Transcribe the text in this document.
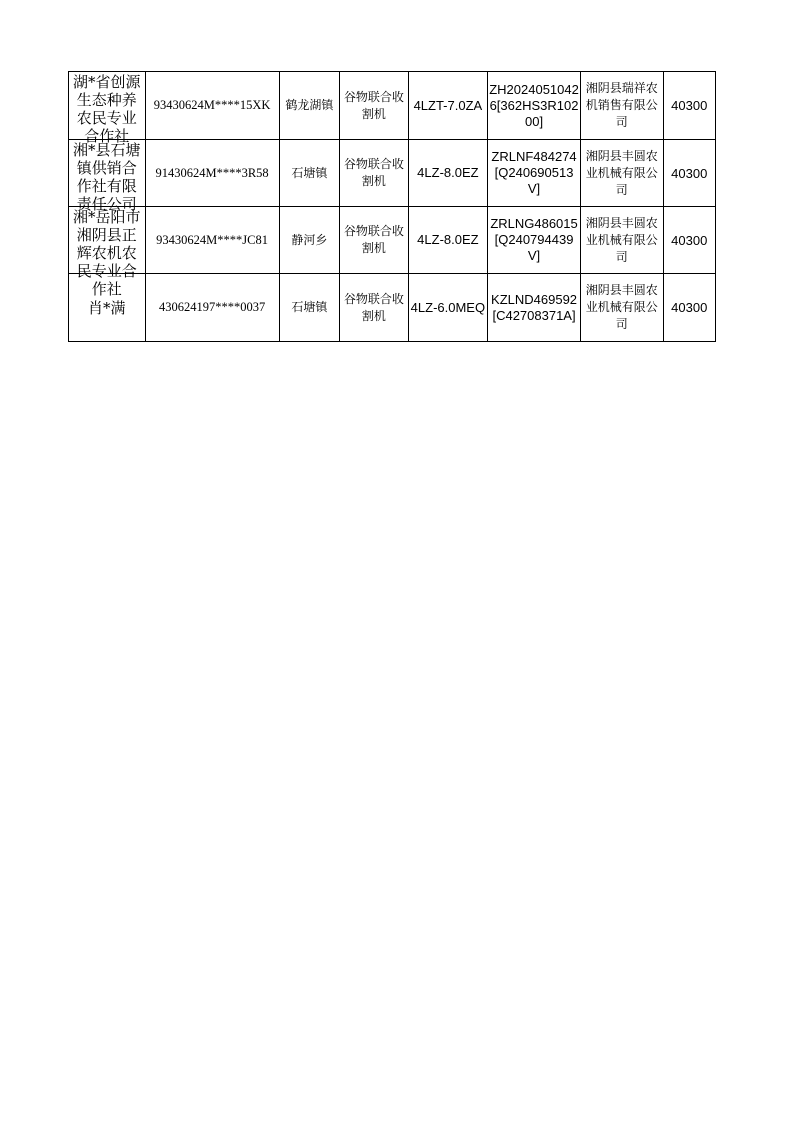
湖*省创源生态种养农民专业合作社	93430624M****15XK	鹤龙湖镇	谷物联合收割机	4LZT-7.0ZA	ZH20240510426[362HS3R10200]	湘阴县瑞祥农机销售有限公司	40300

湘*县石塘镇供销合作社有限责任公司	91430624M****3R58	石塘镇	谷物联合收割机	4LZ-8.0EZ	ZRLNF484274[Q240690513V]	湘阴县丰圆农业机械有限公司	40300

湘*岳阳市湘阴县正辉农机农民专业合作社	93430624M****JC81	静河乡	谷物联合收割机	4LZ-8.0EZ	ZRLNG486015[Q240794439V]	湘阴县丰圆农业机械有限公司	40300

肖*满	430624197****0037	石塘镇	谷物联合收割机	4LZ-6.0MEQ	KZLND469592[C42708371A]	湘阴县丰圆农业机械有限公司	40300
